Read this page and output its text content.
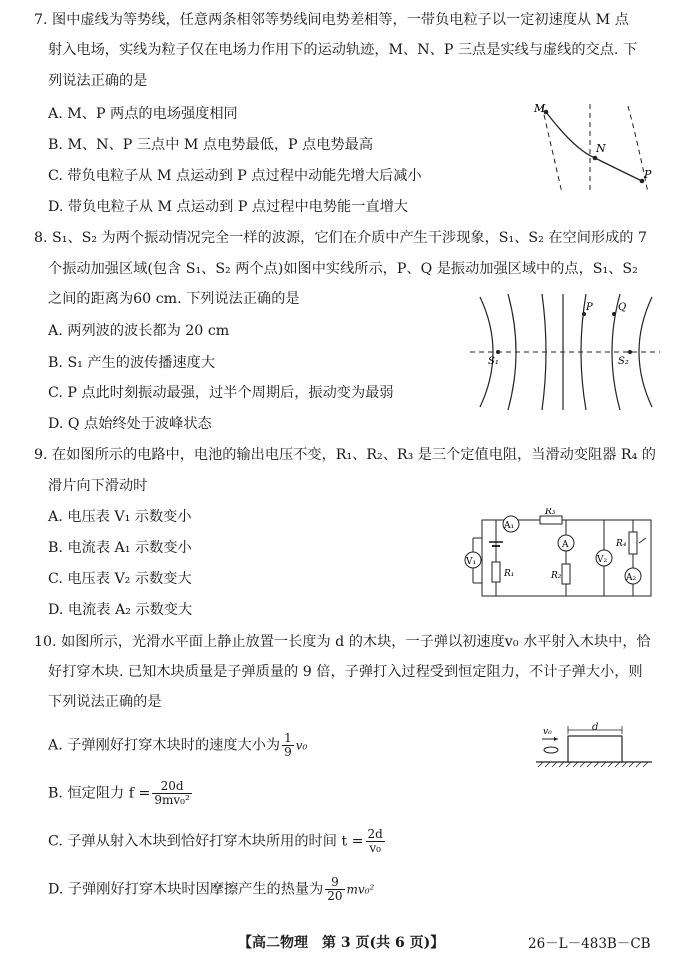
7. 图中虚线为等势线，任意两条相邻等势线间电势差相等，一带负电粒子以一定初速度从 M 点
射入电场，实线为粒子仅在电场力作用下的运动轨迹，M、N、P 三点是实线与虚线的交点. 下
列说法正确的是
A. M、P 两点的电场强度相同
B. M、N、P 三点中 M 点电势最低，P 点电势最高
C. 带负电粒子从 M 点运动到 P 点过程中动能先增大后减小
D. 带负电粒子从 M 点运动到 P 点过程中电势能一直增大
M
N
P
8. S₁、S₂ 为两个振动情况完全一样的波源，它们在介质中产生干涉现象，S₁、S₂ 在空间形成的 7
个振动加强区域(包含 S₁、S₂ 两个点)如图中实线所示，P、Q 是振动加强区域中的点，S₁、S₂
之间的距离为60 cm. 下列说法正确的是
A. 两列波的波长都为 20 cm
B. S₁ 产生的波传播速度大
C. P 点此时刻振动最强，过半个周期后，振动变为最弱
D. Q 点始终处于波峰状态
S₁	S₂
P	Q
9. 在如图所示的电路中，电池的输出电压不变，R₁、R₂、R₃ 是三个定值电阻，当滑动变阻器 R₄ 的
滑片向下滑动时
A. 电压表 V₁ 示数变小
B. 电流表 A₁ 示数变小
C. 电压表 V₂ 示数变大
D. 电流表 A₂ 示数变大
R₃
A₁
R₁
V₁
A
R₂
V₂
R₄
A₂
10. 如图所示，光滑水平面上静止放置一长度为 d 的木块，一子弹以初速度v₀ 水平射入木块中，恰
好打穿木块. 已知木块质量是子弹质量的 9 倍，子弹打入过程受到恒定阻力，不计子弹大小，则
下列说法正确的是
A. 子弹刚好打穿木块时的速度大小为 $\frac{1}{9} v_0$
B. 恒定阻力 $f = \frac{20d}{\text{9mv₀²}}$
C. 子弹从射入木块到恰好打穿木块所用的时间 $t = \frac{2d}{\text{v₀}}$
D. 子弹刚好打穿木块时因摩擦产生的热量为 $\frac{9}{20} mv_0^2$
v₀	d
【高二物理　第 3 页(共 6 页)】	26－L－483B－CB
